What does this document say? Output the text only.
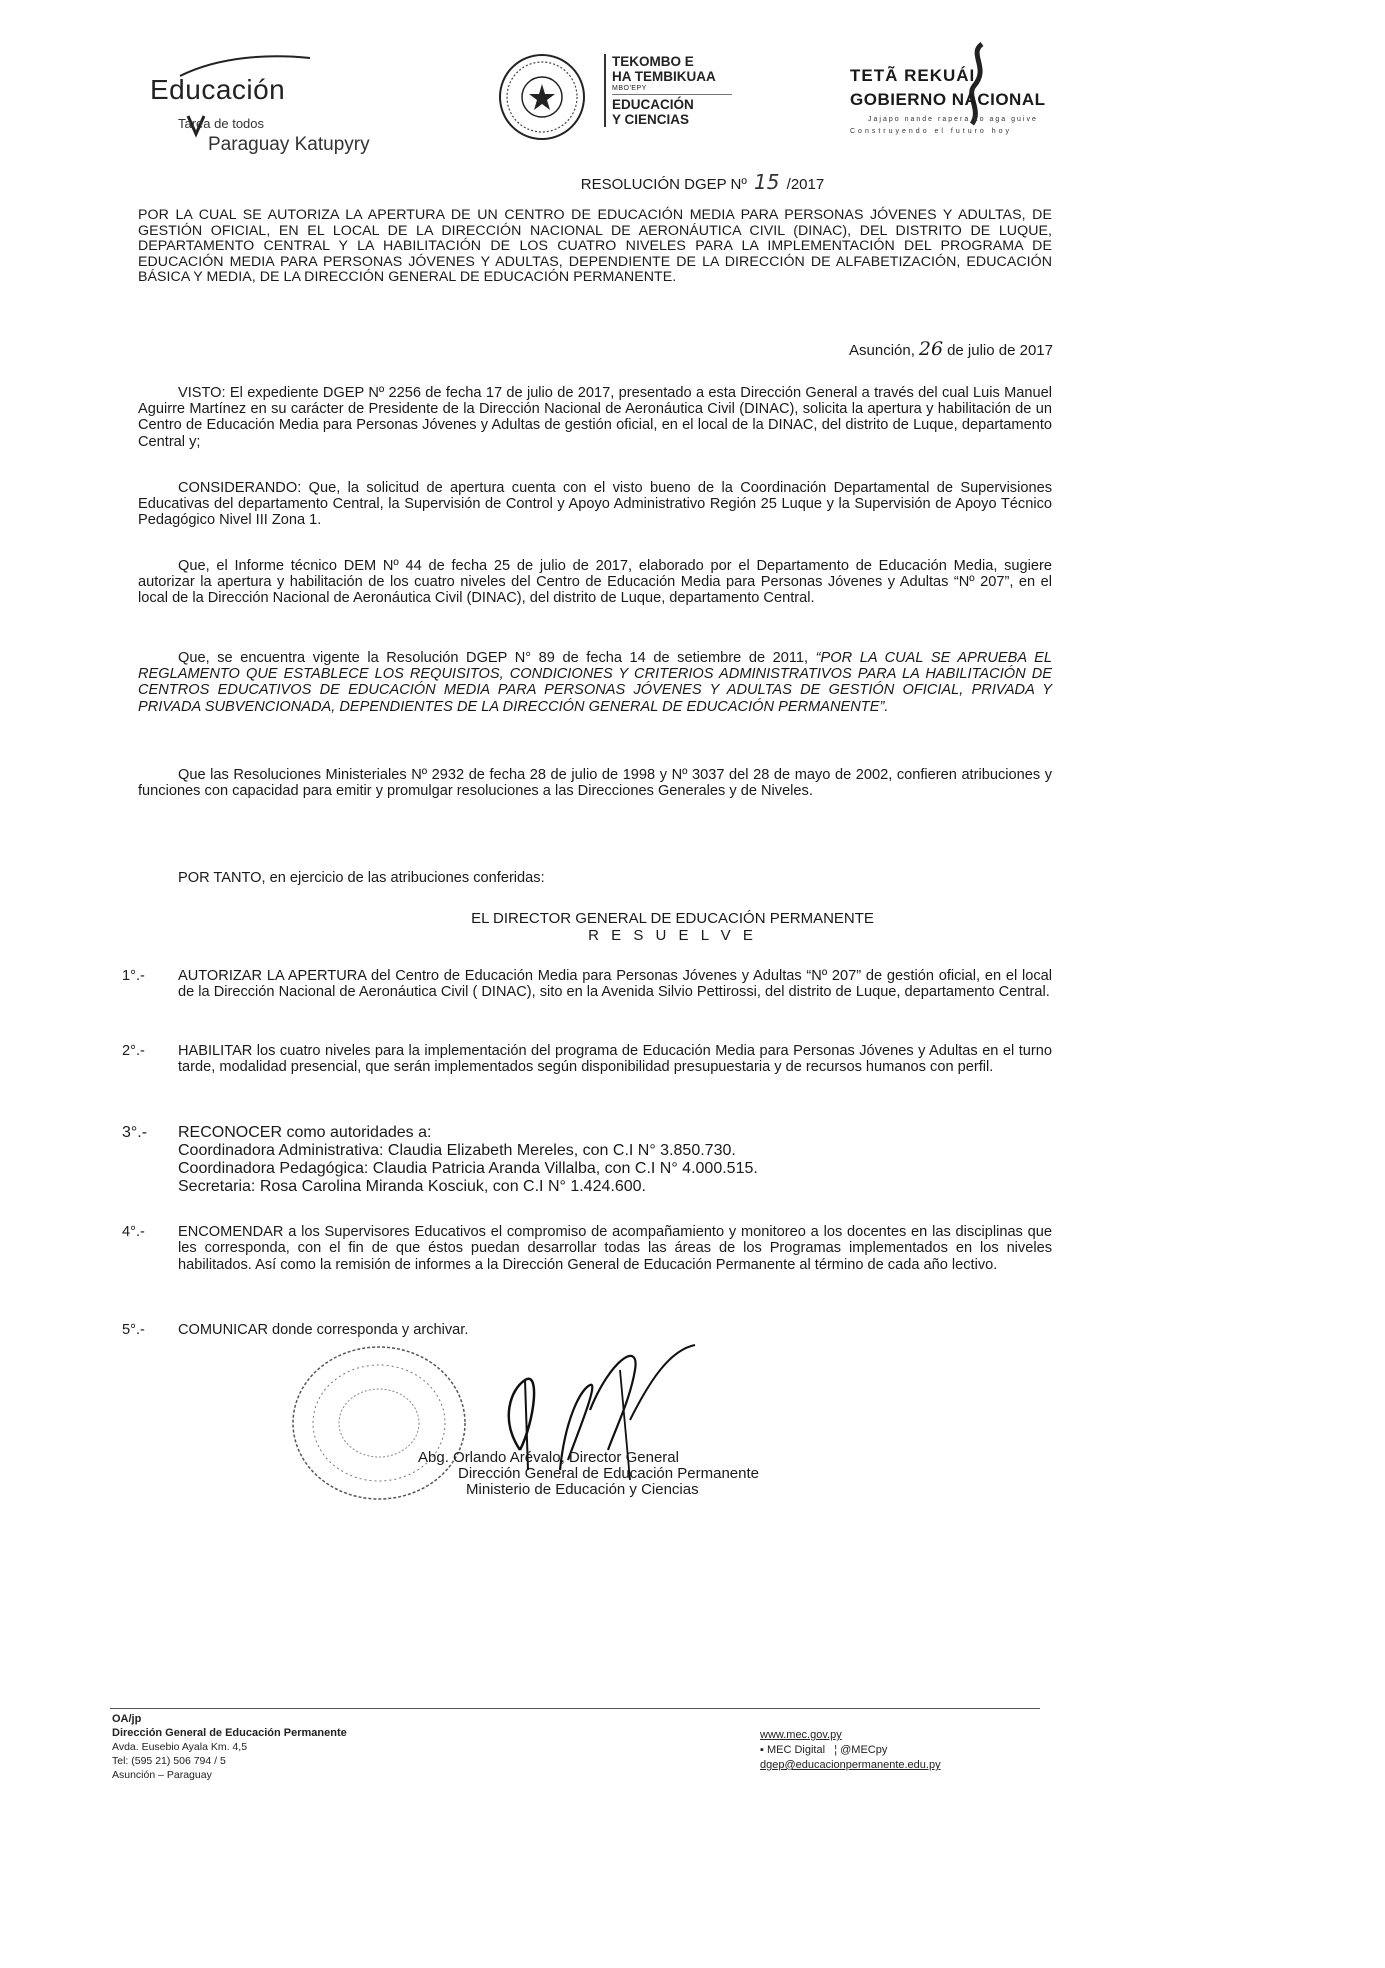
Educación
Tarea de todos
Paraguay Katupyry
TEKOMBO E
HA TEMBIKUAA
MBO'EPY
EDUCACIÓN
Y CIENCIAS
TETÃ REKUÁI
GOBIERNO NACIONAL
Jajapo nande rapera ko aga guive
Construyendo el futuro hoy
RESOLUCIÓN DGEP Nº 15 /2017
POR LA CUAL SE AUTORIZA LA APERTURA DE UN CENTRO DE EDUCACIÓN MEDIA PARA PERSONAS JÓVENES Y ADULTAS, DE GESTIÓN OFICIAL, EN EL LOCAL DE LA DIRECCIÓN NACIONAL DE AERONÁUTICA CIVIL (DINAC), DEL DISTRITO DE LUQUE, DEPARTAMENTO CENTRAL Y LA HABILITACIÓN DE LOS CUATRO NIVELES PARA LA IMPLEMENTACIÓN DEL PROGRAMA DE EDUCACIÓN MEDIA PARA PERSONAS JÓVENES Y ADULTAS, DEPENDIENTE DE LA DIRECCIÓN DE ALFABETIZACIÓN, EDUCACIÓN BÁSICA Y MEDIA, DE LA DIRECCIÓN GENERAL DE EDUCACIÓN PERMANENTE.
Asunción, 26 de julio de 2017
VISTO: El expediente DGEP Nº 2256 de fecha 17 de julio de 2017, presentado a esta Dirección General a través del cual Luis Manuel Aguirre Martínez en su carácter de Presidente de la Dirección Nacional de Aeronáutica Civil (DINAC), solicita la apertura y habilitación de un Centro de Educación Media para Personas Jóvenes y Adultas de gestión oficial, en el local de la DINAC, del distrito de Luque, departamento Central y;
CONSIDERANDO: Que, la solicitud de apertura cuenta con el visto bueno de la Coordinación Departamental de Supervisiones Educativas del departamento Central, la Supervisión de Control y Apoyo Administrativo Región 25 Luque y la Supervisión de Apoyo Técnico Pedagógico Nivel III Zona 1.
Que, el Informe técnico DEM Nº 44 de fecha 25 de julio de 2017, elaborado por el Departamento de Educación Media, sugiere autorizar la apertura y habilitación de los cuatro niveles del Centro de Educación Media para Personas Jóvenes y Adultas “Nº 207”, en el local de la Dirección Nacional de Aeronáutica Civil (DINAC), del distrito de Luque, departamento Central.
Que, se encuentra vigente la Resolución DGEP N° 89 de fecha 14 de setiembre de 2011, “POR LA CUAL SE APRUEBA EL REGLAMENTO QUE ESTABLECE LOS REQUISITOS, CONDICIONES Y CRITERIOS ADMINISTRATIVOS PARA LA HABILITACIÓN DE CENTROS EDUCATIVOS DE EDUCACIÓN MEDIA PARA PERSONAS JÓVENES Y ADULTAS DE GESTIÓN OFICIAL, PRIVADA Y PRIVADA SUBVENCIONADA, DEPENDIENTES DE LA DIRECCIÓN GENERAL DE EDUCACIÓN PERMANENTE”.
Que las Resoluciones Ministeriales Nº 2932 de fecha 28 de julio de 1998 y Nº 3037 del 28 de mayo de 2002, confieren atribuciones y funciones con capacidad para emitir y promulgar resoluciones a las Direcciones Generales y de Niveles.
POR TANTO, en ejercicio de las atribuciones conferidas:
EL DIRECTOR GENERAL DE EDUCACIÓN PERMANENTE
R E S U E L V E
1°.-	AUTORIZAR LA APERTURA del Centro de Educación Media para Personas Jóvenes y Adultas “Nº 207” de gestión oficial, en el local de la Dirección Nacional de Aeronáutica Civil ( DINAC), sito en la Avenida Silvio Pettirossi, del distrito de Luque, departamento Central.
2°.-	HABILITAR los cuatro niveles para la implementación del programa de Educación Media para Personas Jóvenes y Adultas en el turno tarde, modalidad presencial, que serán implementados según disponibilidad presupuestaria y de recursos humanos con perfil.
3°.-	RECONOCER como autoridades a:
Coordinadora Administrativa: Claudia Elizabeth Mereles, con C.I N° 3.850.730.
Coordinadora Pedagógica: Claudia Patricia Aranda Villalba, con C.I N° 4.000.515.
Secretaria: Rosa Carolina Miranda Kosciuk, con C.I N° 1.424.600.
4°.-	ENCOMENDAR a los Supervisores Educativos el compromiso de acompañamiento y monitoreo a los docentes en las disciplinas que les corresponda, con el fin de que éstos puedan desarrollar todas las áreas de los Programas implementados en los niveles habilitados. Así como la remisión de informes a la Dirección General de Educación Permanente al término de cada año lectivo.
5°.-	COMUNICAR donde corresponda y archivar.
Abg. Orlando Arévalo, Director General
Dirección General de Educación Permanente
Ministerio de Educación y Ciencias
OA/jp
Dirección General de Educación Permanente
Avda. Eusebio Ayala Km. 4,5
Tel: (595 21) 506 794 / 5
Asunción – Paraguay
www.mec.gov.py
▪ MEC Digital ¦ @MECpy
dgep@educacionpermanente.edu.py
